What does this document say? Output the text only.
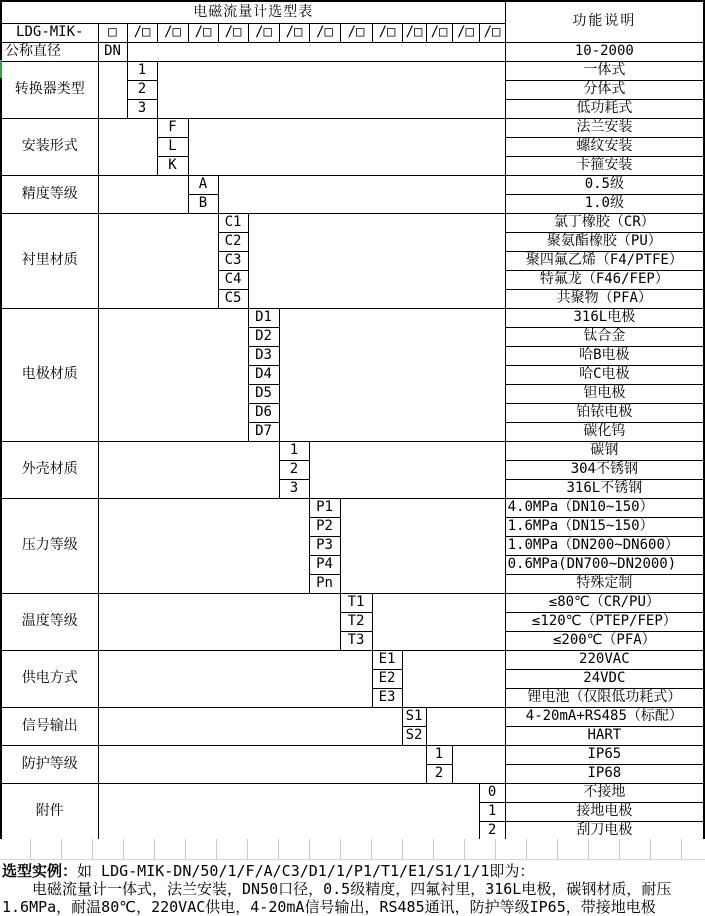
电磁流量计选型表															功能说明
LDG-MIK-	□	/□	/□	/□	/□	/□	/□	/□	/□	/□	/□	/□	/□	/□	
公称直径	DN														10-2000
转换器类型		1													一体式
		2													分体式
		3													低功耗式
安装形式			F												法兰安装
			L												螺纹安装
			K												卡箍安装
精度等级				A											0.5级
				B											1.0级
衬里材质					C1										氯丁橡胶（CR）
					C2										聚氨酯橡胶（PU）
					C3										聚四氟乙烯（F4/PTFE）
					C4										特氟龙（F46/FEP）
					C5										共聚物（PFA）
电极材质						D1									316L电极
						D2									钛合金
						D3									哈B电极
						D4									哈C电极
						D5									钽电极
						D6									铂铱电极
						D7									碳化钨
外壳材质							1								碳钢
							2								304不锈钢
							3								316L不锈钢
压力等级								P1							4.0MPa（DN10~150）
								P2							1.6MPa（DN15~150）
								P3							1.0MPa（DN200~DN600）
								P4							0.6MPa(DN700~DN2000)
								Pn							特殊定制
温度等级									T1						≤80℃（CR/PU）
									T2						≤120℃（PTEP/FEP）
									T3						≤200℃（PFA）
供电方式										E1					220VAC
										E2					24VDC
										E3					锂电池（仅限低功耗式）
信号输出											S1				4-20mA+RS485（标配）
											S2				HART
防护等级												1			IP65
												2			IP68
附件														0	不接地
														1	接地电极
														2	刮刀电极

选型实例：如 LDG-MIK-DN/50/1/F/A/C3/D1/1/P1/T1/E1/S1/1/1即为：

电磁流量计一体式，法兰安装，DN50口径，0.5级精度，四氟衬里，316L电极，碳钢材质，耐压1.6MPa，耐温80℃，220VAC供电，4-20mA信号输出，RS485通讯，防护等级IP65，带接地电极
